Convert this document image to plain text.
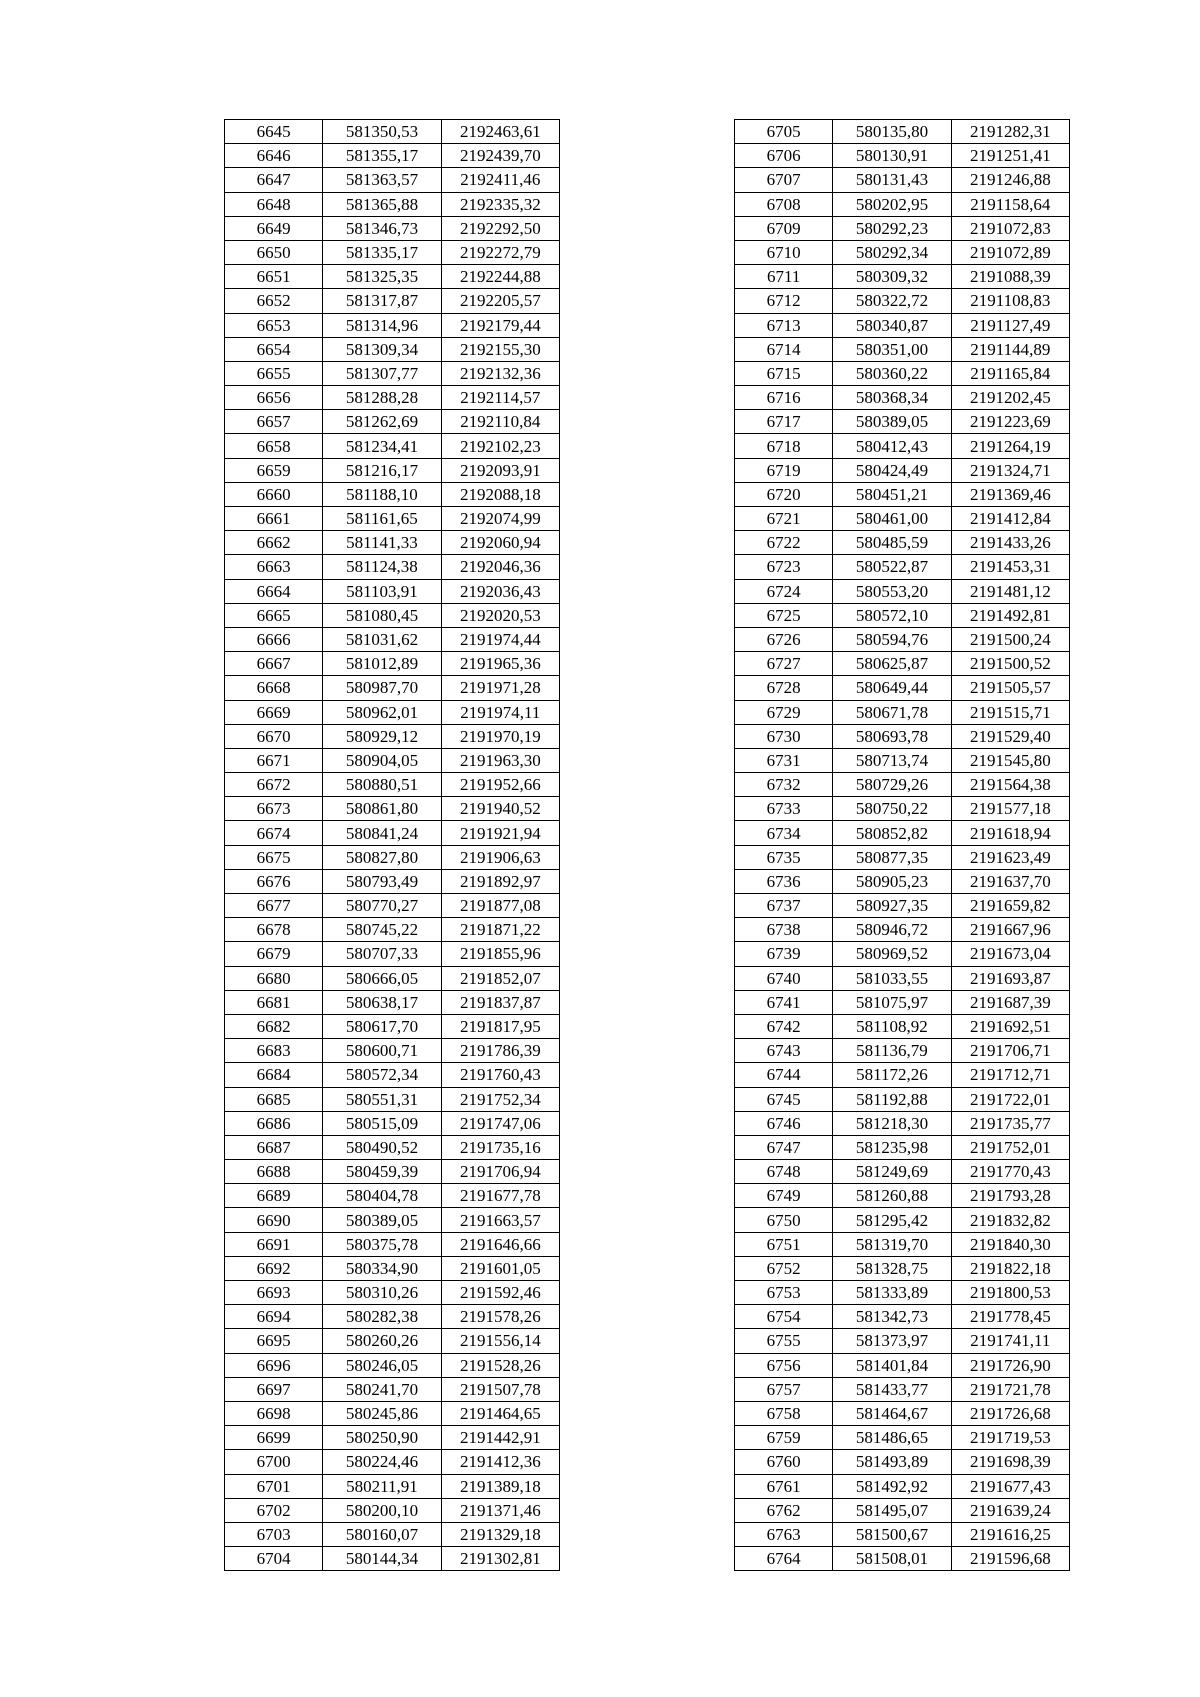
6645	581350,53	2192463,61
6646	581355,17	2192439,70
6647	581363,57	2192411,46
6648	581365,88	2192335,32
6649	581346,73	2192292,50
6650	581335,17	2192272,79
6651	581325,35	2192244,88
6652	581317,87	2192205,57
6653	581314,96	2192179,44
6654	581309,34	2192155,30
6655	581307,77	2192132,36
6656	581288,28	2192114,57
6657	581262,69	2192110,84
6658	581234,41	2192102,23
6659	581216,17	2192093,91
6660	581188,10	2192088,18
6661	581161,65	2192074,99
6662	581141,33	2192060,94
6663	581124,38	2192046,36
6664	581103,91	2192036,43
6665	581080,45	2192020,53
6666	581031,62	2191974,44
6667	581012,89	2191965,36
6668	580987,70	2191971,28
6669	580962,01	2191974,11
6670	580929,12	2191970,19
6671	580904,05	2191963,30
6672	580880,51	2191952,66
6673	580861,80	2191940,52
6674	580841,24	2191921,94
6675	580827,80	2191906,63
6676	580793,49	2191892,97
6677	580770,27	2191877,08
6678	580745,22	2191871,22
6679	580707,33	2191855,96
6680	580666,05	2191852,07
6681	580638,17	2191837,87
6682	580617,70	2191817,95
6683	580600,71	2191786,39
6684	580572,34	2191760,43
6685	580551,31	2191752,34
6686	580515,09	2191747,06
6687	580490,52	2191735,16
6688	580459,39	2191706,94
6689	580404,78	2191677,78
6690	580389,05	2191663,57
6691	580375,78	2191646,66
6692	580334,90	2191601,05
6693	580310,26	2191592,46
6694	580282,38	2191578,26
6695	580260,26	2191556,14
6696	580246,05	2191528,26
6697	580241,70	2191507,78
6698	580245,86	2191464,65
6699	580250,90	2191442,91
6700	580224,46	2191412,36
6701	580211,91	2191389,18
6702	580200,10	2191371,46
6703	580160,07	2191329,18
6704	580144,34	2191302,81
6705	580135,80	2191282,31
6706	580130,91	2191251,41
6707	580131,43	2191246,88
6708	580202,95	2191158,64
6709	580292,23	2191072,83
6710	580292,34	2191072,89
6711	580309,32	2191088,39
6712	580322,72	2191108,83
6713	580340,87	2191127,49
6714	580351,00	2191144,89
6715	580360,22	2191165,84
6716	580368,34	2191202,45
6717	580389,05	2191223,69
6718	580412,43	2191264,19
6719	580424,49	2191324,71
6720	580451,21	2191369,46
6721	580461,00	2191412,84
6722	580485,59	2191433,26
6723	580522,87	2191453,31
6724	580553,20	2191481,12
6725	580572,10	2191492,81
6726	580594,76	2191500,24
6727	580625,87	2191500,52
6728	580649,44	2191505,57
6729	580671,78	2191515,71
6730	580693,78	2191529,40
6731	580713,74	2191545,80
6732	580729,26	2191564,38
6733	580750,22	2191577,18
6734	580852,82	2191618,94
6735	580877,35	2191623,49
6736	580905,23	2191637,70
6737	580927,35	2191659,82
6738	580946,72	2191667,96
6739	580969,52	2191673,04
6740	581033,55	2191693,87
6741	581075,97	2191687,39
6742	581108,92	2191692,51
6743	581136,79	2191706,71
6744	581172,26	2191712,71
6745	581192,88	2191722,01
6746	581218,30	2191735,77
6747	581235,98	2191752,01
6748	581249,69	2191770,43
6749	581260,88	2191793,28
6750	581295,42	2191832,82
6751	581319,70	2191840,30
6752	581328,75	2191822,18
6753	581333,89	2191800,53
6754	581342,73	2191778,45
6755	581373,97	2191741,11
6756	581401,84	2191726,90
6757	581433,77	2191721,78
6758	581464,67	2191726,68
6759	581486,65	2191719,53
6760	581493,89	2191698,39
6761	581492,92	2191677,43
6762	581495,07	2191639,24
6763	581500,67	2191616,25
6764	581508,01	2191596,68
